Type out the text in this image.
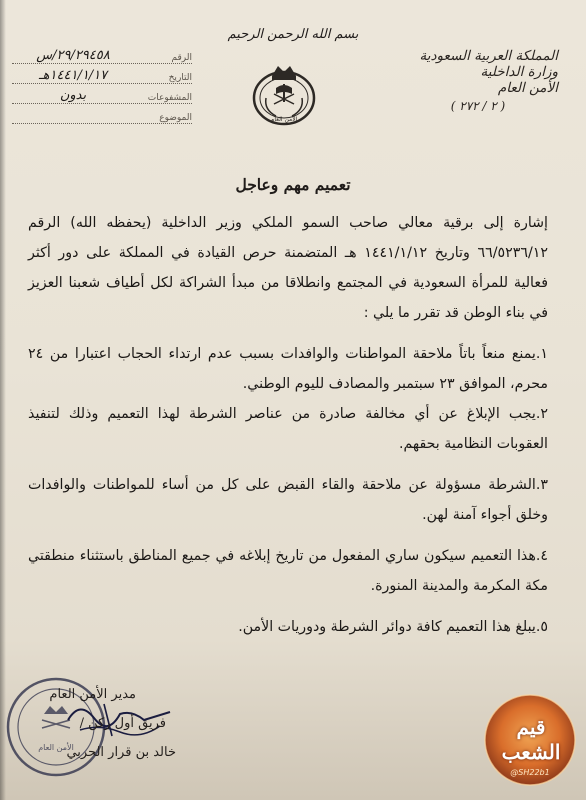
بسم الله الرحمن الرحيم
المملكة العربية السعودية
وزارة الداخلية
الأمن العام
( ٢ / ٢٧٢ )
الأمن العام
الرقم
٢٩/٢٩٤٥٨/س
التاريخ
١٤٤١/١/١٧هـ
المشفوعات
بدون
الموضوع
تعميم مهم وعاجل

إشارة إلى برقية معالي صاحب السمو الملكي وزير الداخلية (يحفظه الله) الرقم ٦٦/٥٢٣٦/١٢ وتاريخ ١٤٤١/١/١٢ هـ المتضمنة حرص القيادة في المملكة على دور أكثر فعالية للمرأة السعودية في المجتمع وانطلاقا من مبدأ الشراكة لكل أطياف شعبنا العزيز في بناء الوطن قد تقرر ما يلي :

١.يمنع منعاً باتاً ملاحقة المواطنات والوافدات بسبب عدم ارتداء الحجاب اعتبارا من ٢٤ محرم، الموافق ٢٣ سبتمبر والمصادف لليوم الوطني.

٢.يجب الإبلاغ عن أي مخالفة صادرة من عناصر الشرطة لهذا التعميم وذلك لتنفيذ العقوبات النظامية بحقهم.

٣.الشرطة مسؤولة عن ملاحقة والقاء القبض على كل من أساء للمواطنات والوافدات وخلق أجواء آمنة لهن.

٤.هذا التعميم سيكون ساري المفعول من تاريخ إبلاغه في جميع المناطق باستثناء منطقتي مكة المكرمة والمدينة المنورة.

٥.يبلغ هذا التعميم كافة دوائر الشرطة ودوريات الأمن.

الأمن العام
مدير الأمن العام
فريق أول ركن /
خالد بن قرار الحربي
قيم
الشعب
@SH22b1
